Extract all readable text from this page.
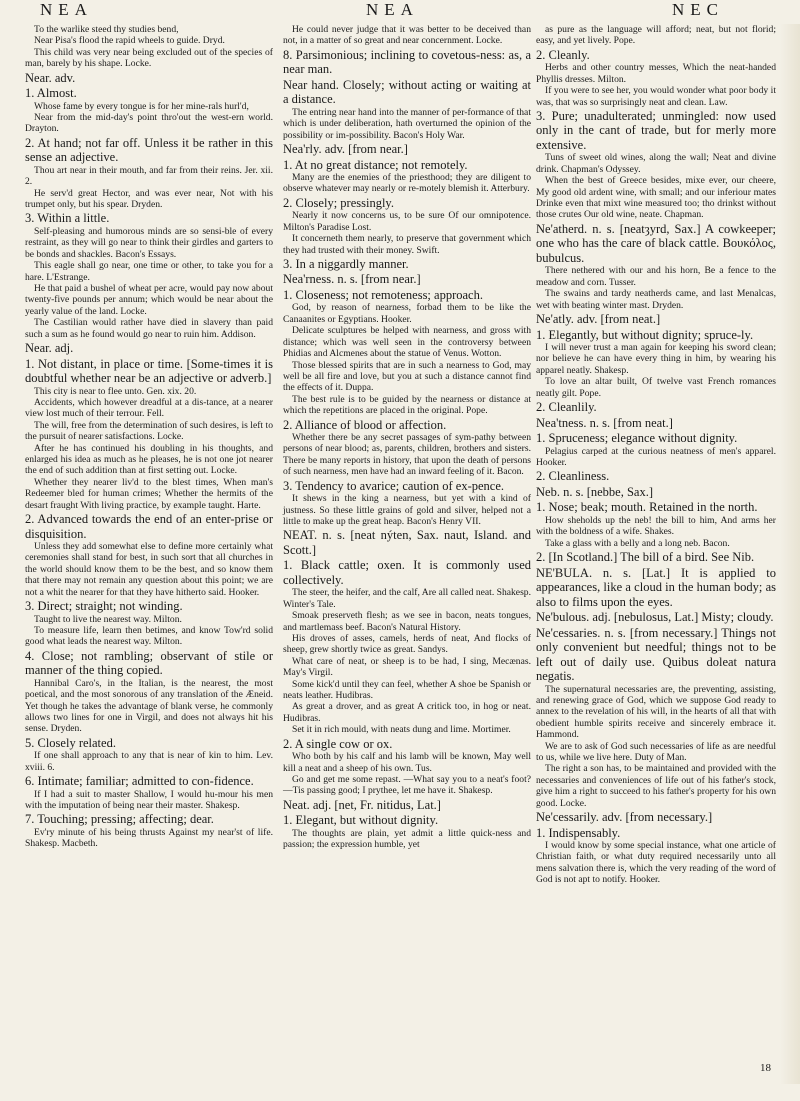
NEA	NEA	NEC

To the warlike steed thy studies bend,

Near Pisa's flood the rapid wheels to guide. Dryd.

This child was very near being excluded out of the species of man, barely by his shape. Locke.

Near. adv.

1. Almost.

Whose fame by every tongue is for her mine-rals hurl'd,

Near from the mid-day's point thro'out the west-ern world. Drayton.

2. At hand; not far off. Unless it be rather in this sense an adjective.

Thou art near in their mouth, and far from their reins. Jer. xii. 2.

He serv'd great Hector, and was ever near, Not with his trumpet only, but his spear. Dryden.

3. Within a little.

Self-pleasing and humorous minds are so sensi-ble of every restraint, as they will go near to think their girdles and garters to be bonds and shackles. Bacon's Essays.

This eagle shall go near, one time or other, to take you for a hare. L'Estrange.

He that paid a bushel of wheat per acre, would pay now about twenty-five pounds per annum; which would be near about the yearly value of the land. Locke.

The Castilian would rather have died in slavery than paid such a sum as he found would go near to ruin him. Addison.

Near. adj.

1. Not distant, in place or time. [Some-times it is doubtful whether near be an adjective or adverb.]

This city is near to flee unto. Gen. xix. 20.

Accidents, which however dreadful at a dis-tance, at a nearer view lost much of their terrour. Fell.

The will, free from the determination of such desires, is left to the pursuit of nearer satisfactions. Locke.

After he has continued his doubling in his thoughts, and enlarged his idea as much as he pleases, he is not one jot nearer the end of such addition than at first setting out. Locke.

Whether they nearer liv'd to the blest times, When man's Redeemer bled for human crimes; Whether the hermits of the desart fraught With living practice, by example taught. Harte.

2. Advanced towards the end of an enter-prise or disquisition.

Unless they add somewhat else to define more certainly what ceremonies shall stand for best, in such sort that all churches in the world should know them to be the best, and so know them that there may not remain any question about this point; we are not a whit the nearer for that they have hitherto said. Hooker.

3. Direct; straight; not winding.

Taught to live the nearest way. Milton.

To measure life, learn then betimes, and know Tow'rd solid good what leads the nearest way. Milton.

4. Close; not rambling; observant of stile or manner of the thing copied.

Hannibal Caro's, in the Italian, is the nearest, the most poetical, and the most sonorous of any translation of the Æneid. Yet though he takes the advantage of blank verse, he commonly allows two lines for one in Virgil, and does not always hit his sense. Dryden.

5. Closely related.

If one shall approach to any that is near of kin to him. Lev. xviii. 6.

6. Intimate; familiar; admitted to con-fidence.

If I had a suit to master Shallow, I would hu-mour his men with the imputation of being near their master. Shakesp.

7. Touching; pressing; affecting; dear.

Ev'ry minute of his being thrusts Against my near'st of life. Shakesp. Macbeth.

He could never judge that it was better to be deceived than not, in a matter of so great and near concernment. Locke.

8. Parsimonious; inclining to covetous-ness: as, a near man.

Near hand. Closely; without acting or waiting at a distance.

The entring near hand into the manner of per-formance of that which is under deliberation, hath overturned the opinion of the possibility or im-possibility. Bacon's Holy War.

Nea'rly. adv. [from near.]

1. At no great distance; not remotely.

Many are the enemies of the priesthood; they are diligent to observe whatever may nearly or re-motely blemish it. Atterbury.

2. Closely; pressingly.

Nearly it now concerns us, to be sure Of our omnipotence. Milton's Paradise Lost.

It concerneth them nearly, to preserve that government which they had trusted with their money. Swift.

3. In a niggardly manner.

Nea'rness. n. s. [from near.]

1. Closeness; not remoteness; approach.

God, by reason of nearness, forbad them to be like the Canaanites or Egyptians. Hooker.

Delicate sculptures be helped with nearness, and gross with distance; which was well seen in the controversy between Phidias and Alcmenes about the statue of Venus. Wotton.

Those blessed spirits that are in such a nearness to God, may well be all fire and love, but you at such a distance cannot find the effects of it. Duppa.

The best rule is to be guided by the nearness or distance at which the repetitions are placed in the original. Pope.

2. Alliance of blood or affection.

Whether there be any secret passages of sym-pathy between persons of near blood; as, parents, children, brothers and sisters. There be many reports in history, that upon the death of persons of such nearness, men have had an inward feeling of it. Bacon.

3. Tendency to avarice; caution of ex-pence.

It shews in the king a nearness, but yet with a kind of justness. So these little grains of gold and silver, helped not a little to make up the great heap. Bacon's Henry VII.

NEAT. n. s. [neat nýten, Sax. naut, Island. and Scott.]

1. Black cattle; oxen. It is commonly used collectively.

The steer, the heifer, and the calf, Are all called neat. Shakesp. Winter's Tale.

Smoak preserveth flesh; as we see in bacon, neats tongues, and martlemass beef. Bacon's Natural History.

His droves of asses, camels, herds of neat, And flocks of sheep, grew shortly twice as great. Sandys.

What care of neat, or sheep is to be had, I sing, Mecænas. May's Virgil.

Some kick'd until they can feel, whether A shoe be Spanish or neats leather. Hudibras.

As great a drover, and as great A critick too, in hog or neat. Hudibras.

Set it in rich mould, with neats dung and lime. Mortimer.

2. A single cow or ox.

Who both by his calf and his lamb will be known, May well kill a neat and a sheep of his own. Tus.

Go and get me some repast. —What say you to a neat's foot? —Tis passing good; I prythee, let me have it. Shakesp.

Neat. adj. [net, Fr. nitidus, Lat.]

1. Elegant, but without dignity.

The thoughts are plain, yet admit a little quick-ness and passion; the expression humble, yet

as pure as the language will afford; neat, but not florid; easy, and yet lively. Pope.

2. Cleanly.

Herbs and other country messes, Which the neat-handed Phyllis dresses. Milton.

If you were to see her, you would wonder what poor body it was, that was so surprisingly neat and clean. Law.

3. Pure; unadulterated; unmingled: now used only in the cant of trade, but for merly more extensive.

Tuns of sweet old wines, along the wall; Neat and divine drink. Chapman's Odyssey.

When the best of Greece besides, mixe ever, our cheere, My good old ardent wine, with small; and our inferiour mates Drinke even that mixt wine measured too; tho drinkst without those crutes Our old wine, neate. Chapman.

Ne'atherd. n. s. [neatȝyrd, Sax.] A cowkeeper; one who has the care of black cattle. Βουκόλος, bubulcus.

There nethered with our and his horn, Be a fence to the meadow and corn. Tusser.

The swains and tardy neatherds came, and last Menalcas, wet with beating winter mast. Dryden.

Ne'atly. adv. [from neat.]

1. Elegantly, but without dignity; spruce-ly.

I will never trust a man again for keeping his sword clean; nor believe he can have every thing in him, by wearing his apparel neatly. Shakesp.

To love an altar built, Of twelve vast French romances neatly gilt. Pope.

2. Cleanlily.

Nea'tness. n. s. [from neat.]

1. Spruceness; elegance without dignity.

Pelagius carped at the curious neatness of men's apparel. Hooker.

2. Cleanliness.

Neb. n. s. [nebbe, Sax.]

1. Nose; beak; mouth. Retained in the north.

How sheholds up the neb! the bill to him, And arms her with the boldness of a wife. Shakes.

Take a glass with a belly and a long neb. Bacon.

2. [In Scotland.] The bill of a bird. See Nib.

NE'BULA. n. s. [Lat.] It is applied to appearances, like a cloud in the human body; as also to films upon the eyes.

Ne'bulous. adj. [nebulosus, Lat.] Misty; cloudy.

Ne'cessaries. n. s. [from necessary.] Things not only convenient but needful; things not to be left out of daily use. Quibus doleat natura negatis.

The supernatural necessaries are, the preventing, assisting, and renewing grace of God, which we suppose God ready to annex to the revelation of his will, in the hearts of all that with obedient humble spirits receive and sincerely embrace it. Hammond.

We are to ask of God such necessaries of life as are needful to us, while we live here. Duty of Man.

The right a son has, to be maintained and provided with the necessaries and conveniences of life out of his father's stock, give him a right to succeed to his father's property for his own good. Locke.

Ne'cessarily. adv. [from necessary.]

1. Indispensably.

I would know by some special instance, what one article of Christian faith, or what duty required necessarily unto all mens salvation there is, which the very reading of the word of God is not apt to notify. Hooker.

18
